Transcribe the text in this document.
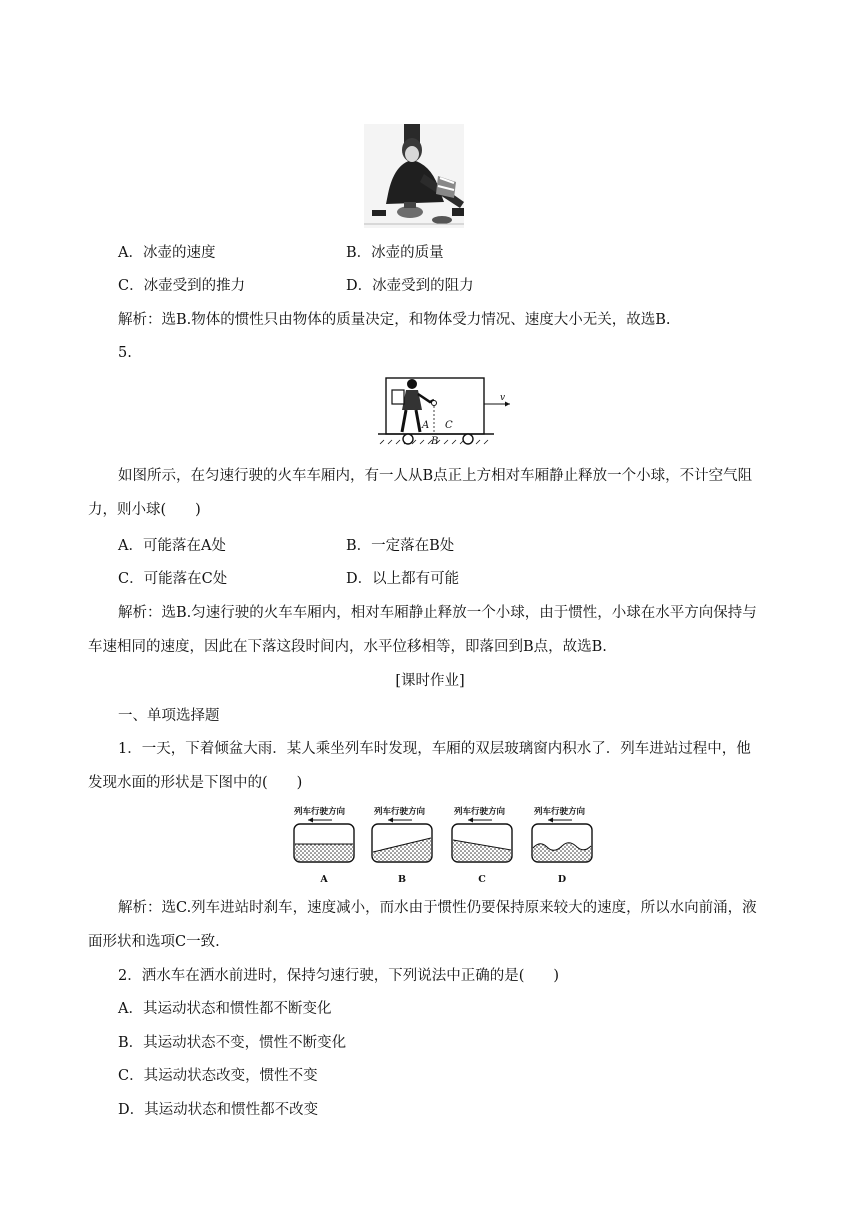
A．冰壶的速度	B．冰壶的质量
C．冰壶受到的推力	D．冰壶受到的阻力
解析：选B.物体的惯性只由物体的质量决定，和物体受力情况、速度大小无关，故选B.
5.
A C
B
v
如图所示，在匀速行驶的火车车厢内，有一人从B点正上方相对车厢静止释放一个小球，不计空气阻
力，则小球(　　)
A．可能落在A处	B．一定落在B处
C．可能落在C处	D．以上都有可能
解析：选B.匀速行驶的火车车厢内，相对车厢静止释放一个小球，由于惯性，小球在水平方向保持与
车速相同的速度，因此在下落这段时间内，水平位移相等，即落回到B点，故选B.
[课时作业]
一、单项选择题
1．一天，下着倾盆大雨．某人乘坐列车时发现，车厢的双层玻璃窗内积水了．列车进站过程中，他
发现水面的形状是下图中的(　　)
列车行驶方向
A
列车行驶方向
B
列车行驶方向
C
列车行驶方向
D
解析：选C.列车进站时刹车，速度减小，而水由于惯性仍要保持原来较大的速度，所以水向前涌，液
面形状和选项C一致.
2．洒水车在洒水前进时，保持匀速行驶，下列说法中正确的是(　　)
A．其运动状态和惯性都不断变化
B．其运动状态不变，惯性不断变化
C．其运动状态改变，惯性不变
D．其运动状态和惯性都不改变
